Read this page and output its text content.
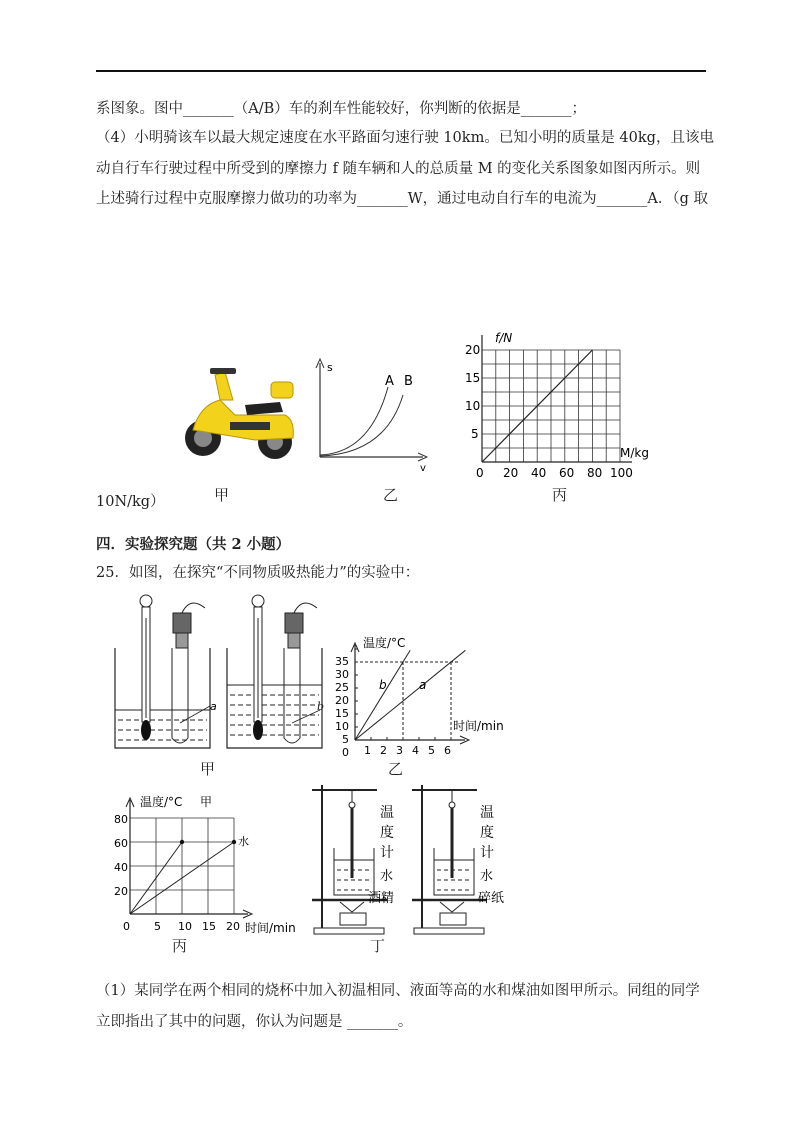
系图象。图中_______（A/B）车的刹车性能较好，你判断的依据是_______；
（4）小明骑该车以最大规定速度在水平路面匀速行驶 10km。已知小明的质量是 40kg，且该电
动自行车行驶过程中所受到的摩擦力 f 随车辆和人的总质量 M 的变化关系图象如图丙所示。则
上述骑行过程中克服摩擦力做功的功率为_______W，通过电动自行车的电流为_______A．（g 取
10N/kg）	甲
s
v
A B
乙
f/N
M/kg
20
15
10
5
0 20 40 60 80 100
丙
四．实验探究题（共 2 小题）
25．如图，在探究“不同物质吸热能力”的实验中：
a	b
甲
温度/°C
时间/min
35
30
25
20
15
10
5
0 1 2 3 4 5 6
b	a
乙
温度/°C 甲
水
时间/min
80
60
40
20
0 5 10 15 20
丙
温
度
计
水
酒精
温
度
计
水
碎纸
丁
（1）某同学在两个相同的烧杯中加入初温相同、液面等高的水和煤油如图甲所示。同组的同学
立即指出了其中的问题，你认为问题是 _______。
